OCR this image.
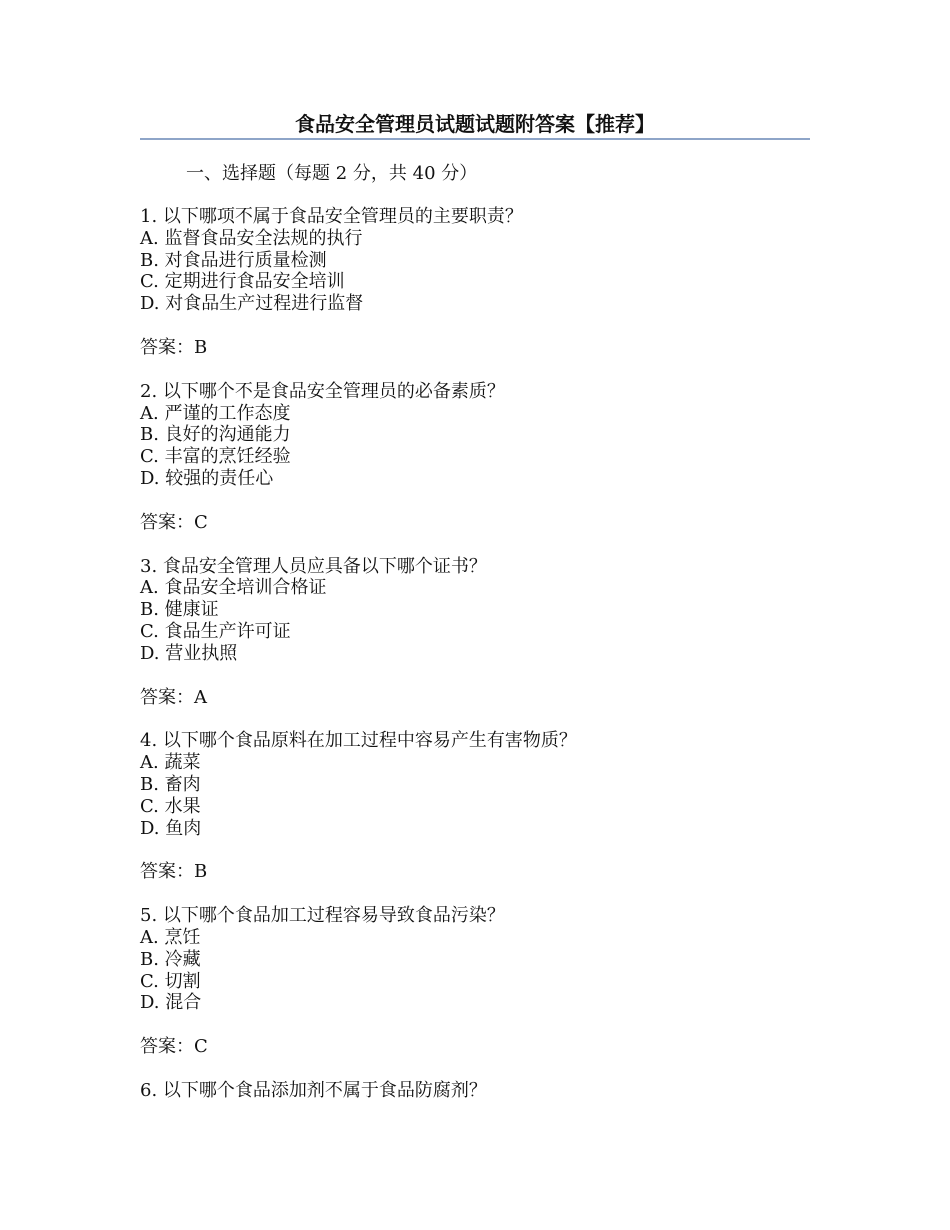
食品安全管理员试题试题附答案【推荐】

一、选择题（每题 2 分，共 40 分）

1. 以下哪项不属于食品安全管理员的主要职责？

A. 监督食品安全法规的执行

B. 对食品进行质量检测

C. 定期进行食品安全培训

D. 对食品生产过程进行监督

答案：B

2. 以下哪个不是食品安全管理员的必备素质？

A. 严谨的工作态度

B. 良好的沟通能力

C. 丰富的烹饪经验

D. 较强的责任心

答案：C

3. 食品安全管理人员应具备以下哪个证书？

A. 食品安全培训合格证

B. 健康证

C. 食品生产许可证

D. 营业执照

答案：A

4. 以下哪个食品原料在加工过程中容易产生有害物质？

A. 蔬菜

B. 畜肉

C. 水果

D. 鱼肉

答案：B

5. 以下哪个食品加工过程容易导致食品污染？

A. 烹饪

B. 冷藏

C. 切割

D. 混合

答案：C

6. 以下哪个食品添加剂不属于食品防腐剂？
